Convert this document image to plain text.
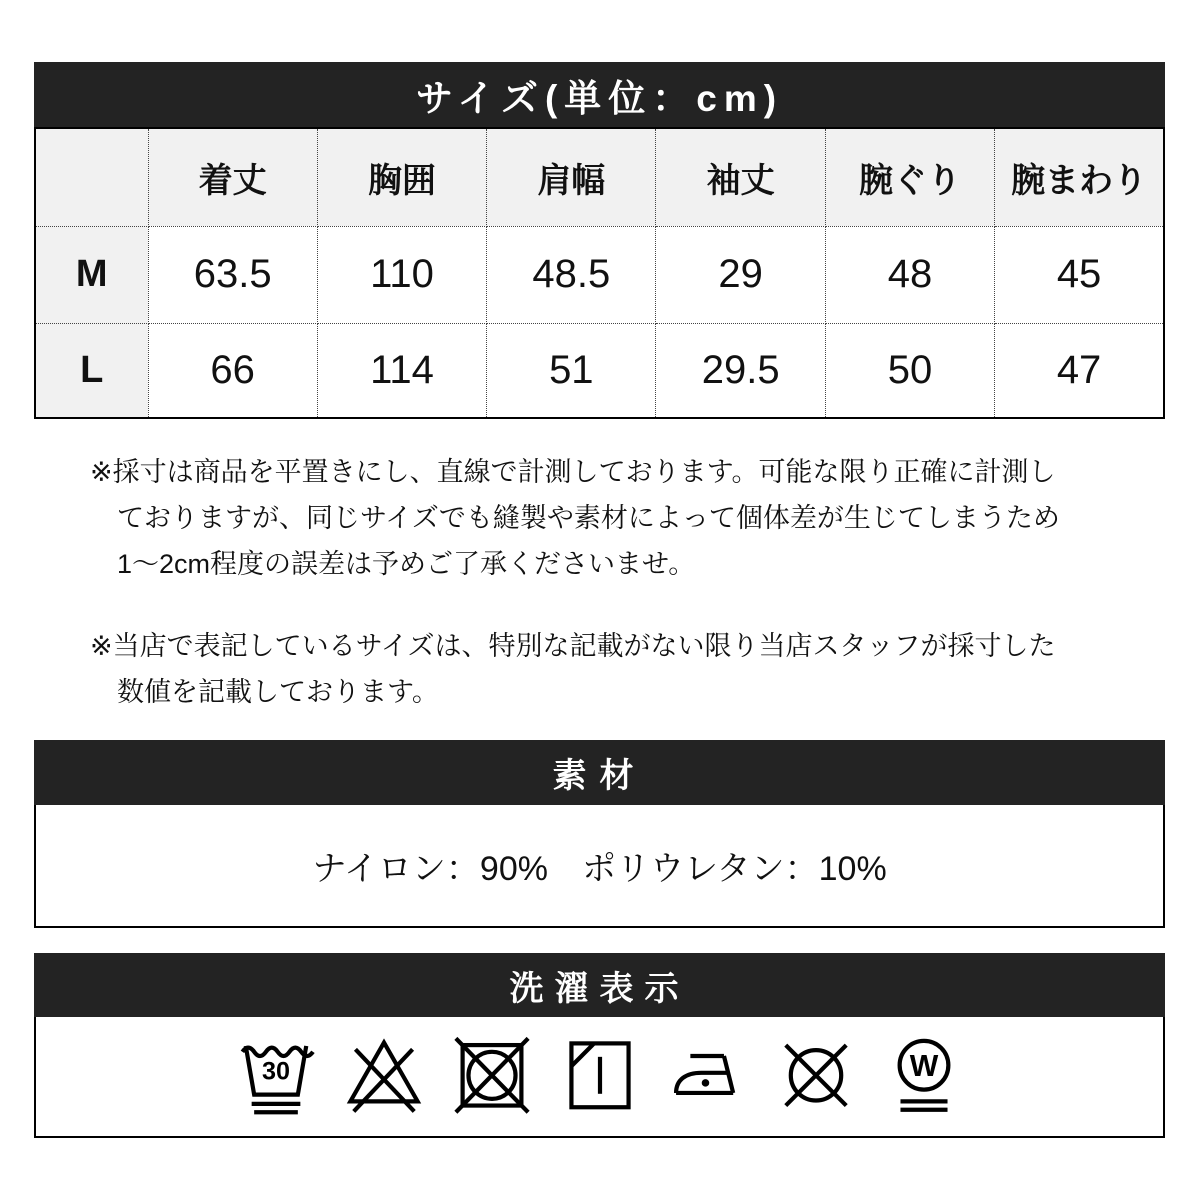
サイズ(単位：cm)
	着丈	胸囲	肩幅	袖丈	腕ぐり	腕まわり
M	63.5	110	48.5	29	48	45
L	66	114	51	29.5	50	47

※採寸は商品を平置きにし、直線で計測しております。可能な限り正確に計測しておりますが、同じサイズでも縫製や素材によって個体差が生じてしまうため1〜2cm程度の誤差は予めご了承くださいませ。

※当店で表記しているサイズは、特別な記載がない限り当店スタッフが採寸した数値を記載しております。

素材
ナイロン：90%　ポリウレタン：10%
洗濯表示
30	W
